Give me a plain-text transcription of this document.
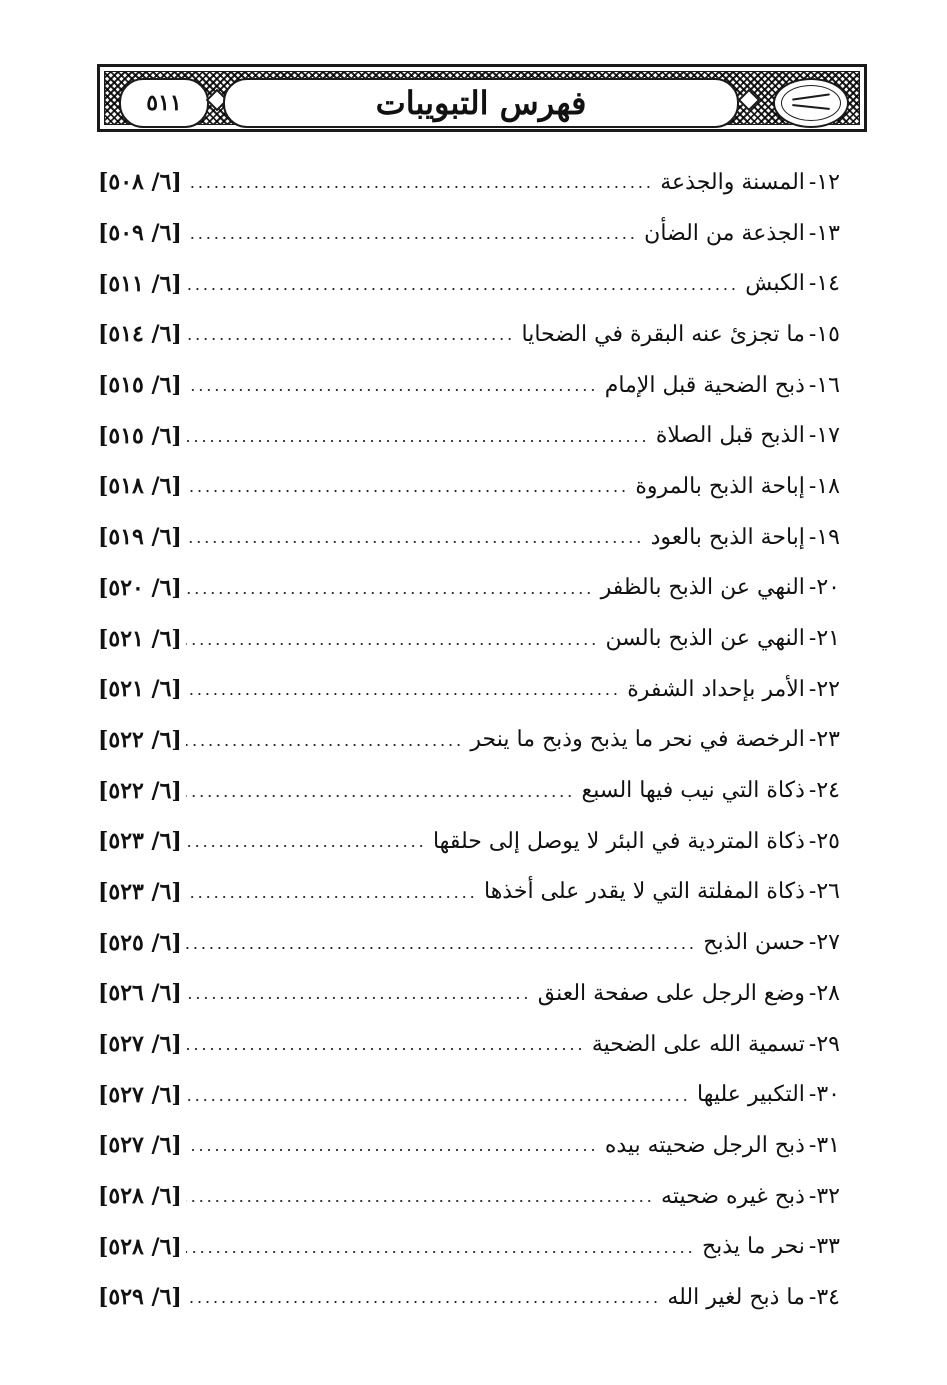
٥١١	فهرس التبويبات
١٢-
المسنة والجذعة
[٦/ ٥٠٨]
١٣-
الجذعة من الضأن
[٦/ ٥٠٩]
١٤-
الكبش
[٦/ ٥١١]
١٥-
ما تجزئ عنه البقرة في الضحايا
[٦/ ٥١٤]
١٦-
ذبح الضحية قبل الإمام
[٦/ ٥١٥]
١٧-
الذبح قبل الصلاة
[٦/ ٥١٥]
١٨-
إباحة الذبح بالمروة
[٦/ ٥١٨]
١٩-
إباحة الذبح بالعود
[٦/ ٥١٩]
٢٠-
النهي عن الذبح بالظفر
[٦/ ٥٢٠]
٢١-
النهي عن الذبح بالسن
[٦/ ٥٢١]
٢٢-
الأمر بإحداد الشفرة
[٦/ ٥٢١]
٢٣-
الرخصة في نحر ما يذبح وذبح ما ينحر
[٦/ ٥٢٢]
٢٤-
ذكاة التي نيب فيها السبع
[٦/ ٥٢٢]
٢٥-
ذكاة المتردية في البئر لا يوصل إلى حلقها
[٦/ ٥٢٣]
٢٦-
ذكاة المفلتة التي لا يقدر على أخذها
[٦/ ٥٢٣]
٢٧-
حسن الذبح
[٦/ ٥٢٥]
٢٨-
وضع الرجل على صفحة العنق
[٦/ ٥٢٦]
٢٩-
تسمية الله على الضحية
[٦/ ٥٢٧]
٣٠-
التكبير عليها
[٦/ ٥٢٧]
٣١-
ذبح الرجل ضحيته بيده
[٦/ ٥٢٧]
٣٢-
ذبح غيره ضحيته
[٦/ ٥٢٨]
٣٣-
نحر ما يذبح
[٦/ ٥٢٨]
٣٤-
ما ذبح لغير الله
[٦/ ٥٢٩]
